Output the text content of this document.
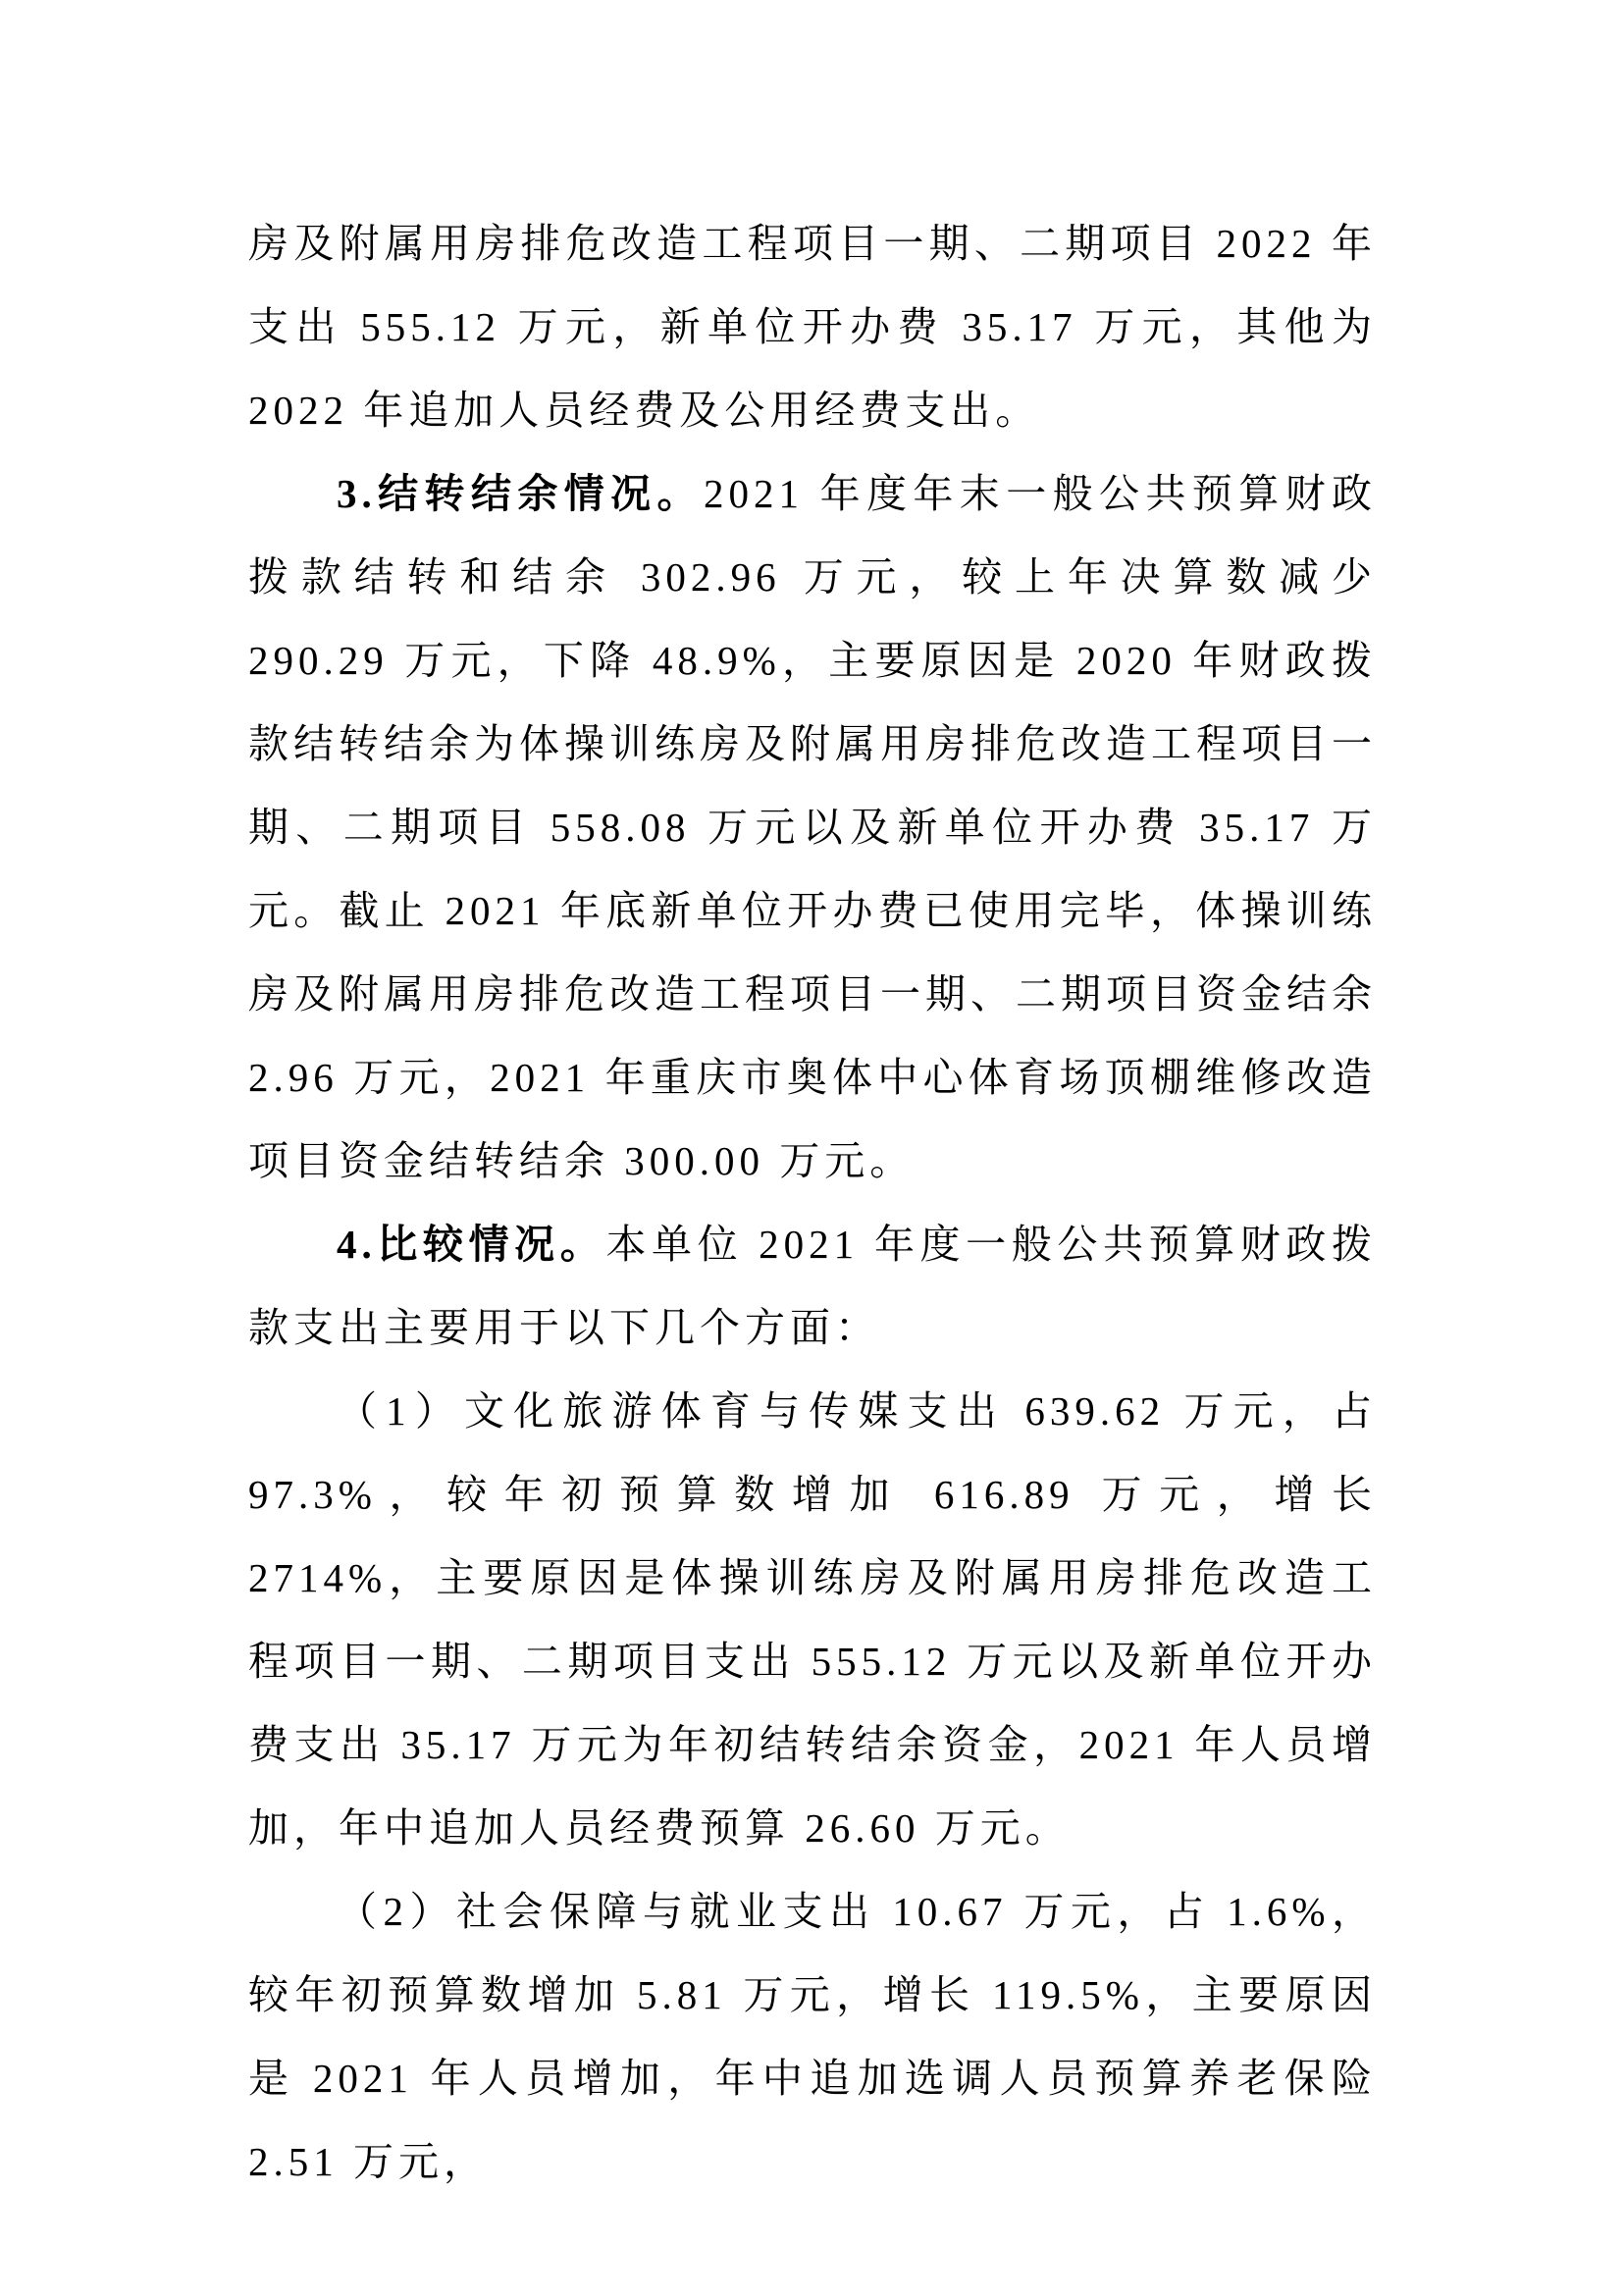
房及附属用房排危改造工程项目一期、二期项目 2022 年支出 555.12 万元，新单位开办费 35.17 万元，其他为 2022 年追加人员经费及公用经费支出。

3.结转结余情况。2021 年度年末一般公共预算财政拨款结转和结余 302.96 万元，较上年决算数减少 290.29 万元，下降 48.9%，主要原因是 2020 年财政拨款结转结余为体操训练房及附属用房排危改造工程项目一期、二期项目 558.08 万元以及新单位开办费 35.17 万元。截止 2021 年底新单位开办费已使用完毕，体操训练房及附属用房排危改造工程项目一期、二期项目资金结余 2.96 万元，2021 年重庆市奥体中心体育场顶棚维修改造项目资金结转结余 300.00 万元。

4.比较情况。本单位 2021 年度一般公共预算财政拨款支出主要用于以下几个方面：

（1）文化旅游体育与传媒支出 639.62 万元，占 97.3%，较年初预算数增加 616.89 万元，增长 2714%，主要原因是体操训练房及附属用房排危改造工程项目一期、二期项目支出 555.12 万元以及新单位开办费支出 35.17 万元为年初结转结余资金，2021 年人员增加，年中追加人员经费预算 26.60 万元。

（2）社会保障与就业支出 10.67 万元，占 1.6%，较年初预算数增加 5.81 万元，增长 119.5%，主要原因是 2021 年人员增加，年中追加选调人员预算养老保险 2.51 万元，
